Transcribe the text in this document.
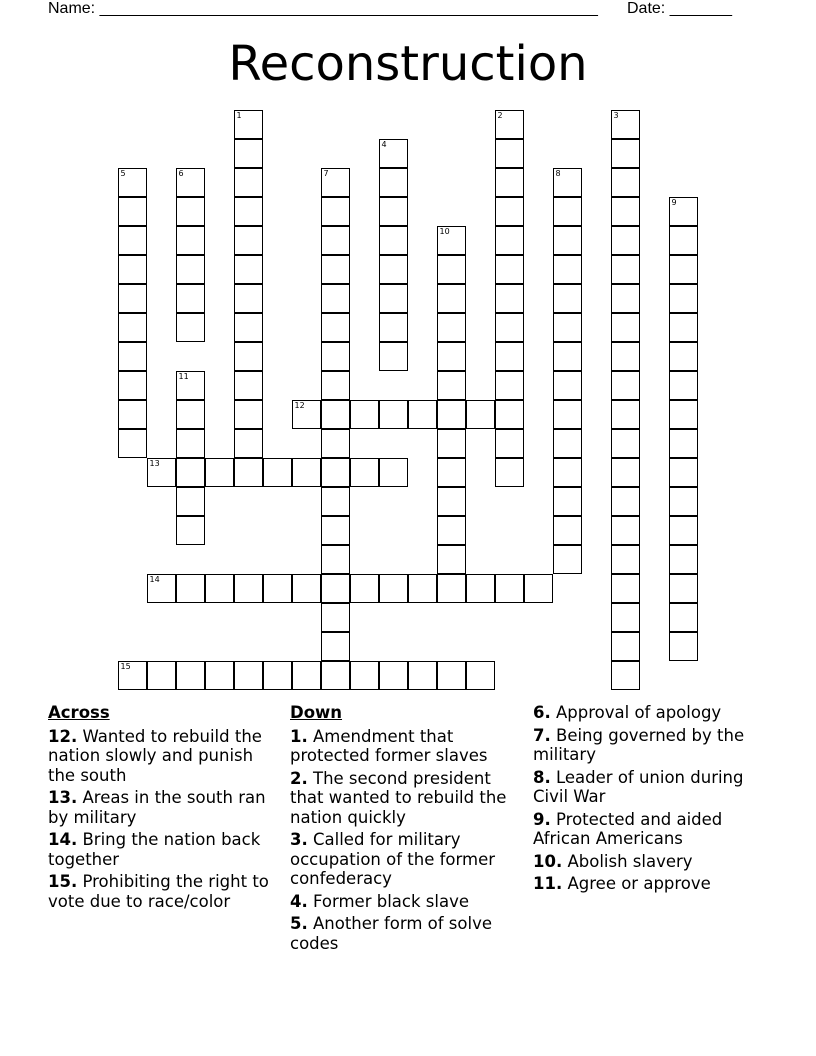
Name: ________________________________________________________ Date: _______
Reconstruction
1	2	3
4
5	6	7	8
9
10
11
12
13
14
15
Across
12. Wanted to rebuild the nation slowly and punish the south
13. Areas in the south ran by military
14. Bring the nation back together
15. Prohibiting the right to vote due to race/color
Down
1. Amendment that protected former slaves
2. The second president that wanted to rebuild the nation quickly
3. Called for military occupation of the former confederacy
4. Former black slave
5. Another form of solve codes
6. Approval of apology
7. Being governed by the military
8. Leader of union during Civil War
9. Protected and aided African Americans
10. Abolish slavery
11. Agree or approve
